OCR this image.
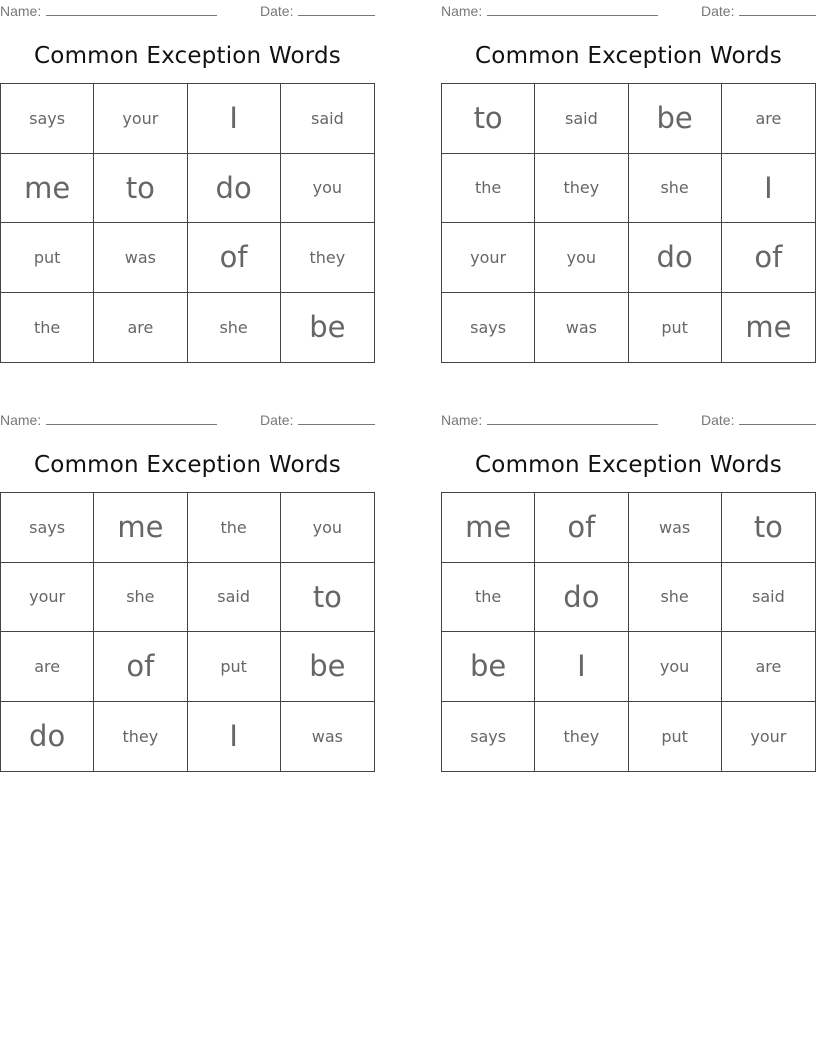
Name:	Date:
Common Exception Words
says	your	I	said
me	to	do	you
put	was	of	they
the	are	she	be
Name:	Date:
Common Exception Words
to	said	be	are
the	they	she	I
your	you	do	of
says	was	put	me
Name:	Date:
Common Exception Words
says	me	the	you
your	she	said	to
are	of	put	be
do	they	I	was
Name:	Date:
Common Exception Words
me	of	was	to
the	do	she	said
be	I	you	are
says	they	put	your
